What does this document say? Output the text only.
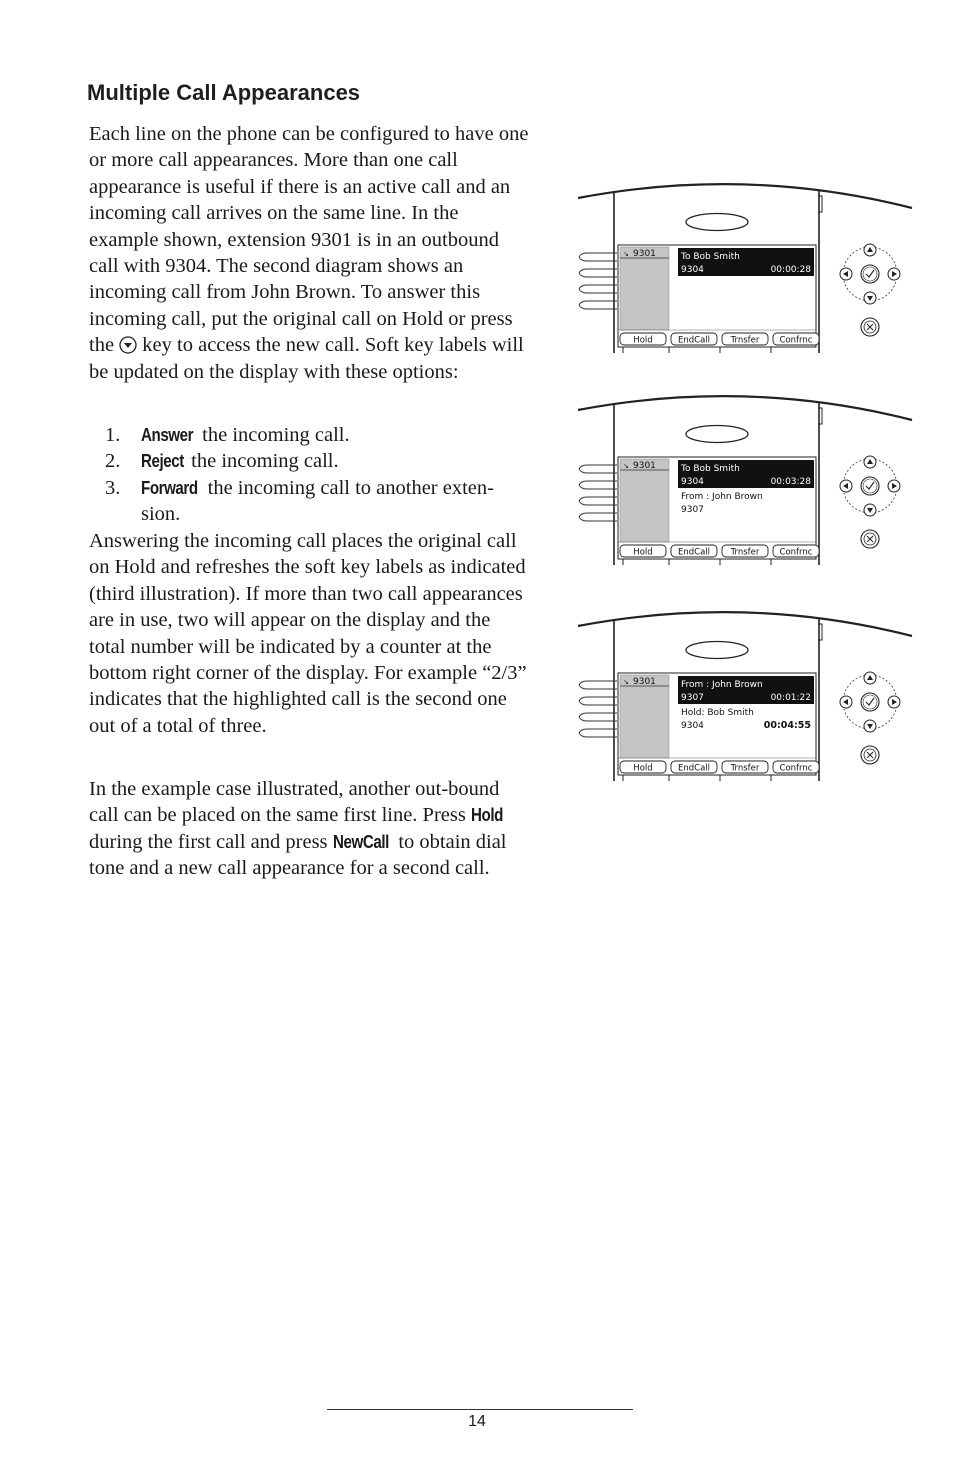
Multiple Call Appearances
Each line on the phone can be configured to have one or more call appearances. More than one call appearance is useful if there is an active call and an incoming call arrives on the same line. In the example shown, extension 9301 is in an outbound call with 9304. The second diagram shows an incoming call from John Brown. To answer this incoming call, put the original call on Hold or press the key to access the new call. Soft key labels will be updated on the display with these options:
1. Answer the incoming call.
2. Reject the incoming call.
3. Forward the incoming call to another exten-sion.
Answering the incoming call places the original call on Hold and refreshes the soft key labels as indicated (third illustration). If more than two call appearances are in use, two will appear on the display and the total number will be indicated by a counter at the bottom right corner of the display. For example “2/3” indicates that the highlighted call is the second one out of a total of three.
In the example case illustrated, another out-bound call can be placed on the same first line. Press Hold during the first call and press NewCall to obtain dial tone and a new call appearance for a second call.
↘ 9301	To Bob Smith
9304	00:00:28
Hold	EndCall Trnsfer Confrnc
↘ 9301	To Bob Smith
9304	00:03:28
From : John Brown
9307
Hold	EndCall Trnsfer Confrnc
↘ 9301	From : John Brown
9307	00:01:22
Hold: Bob Smith
9304	00:04:55
Hold	EndCall Trnsfer Confrnc
14
